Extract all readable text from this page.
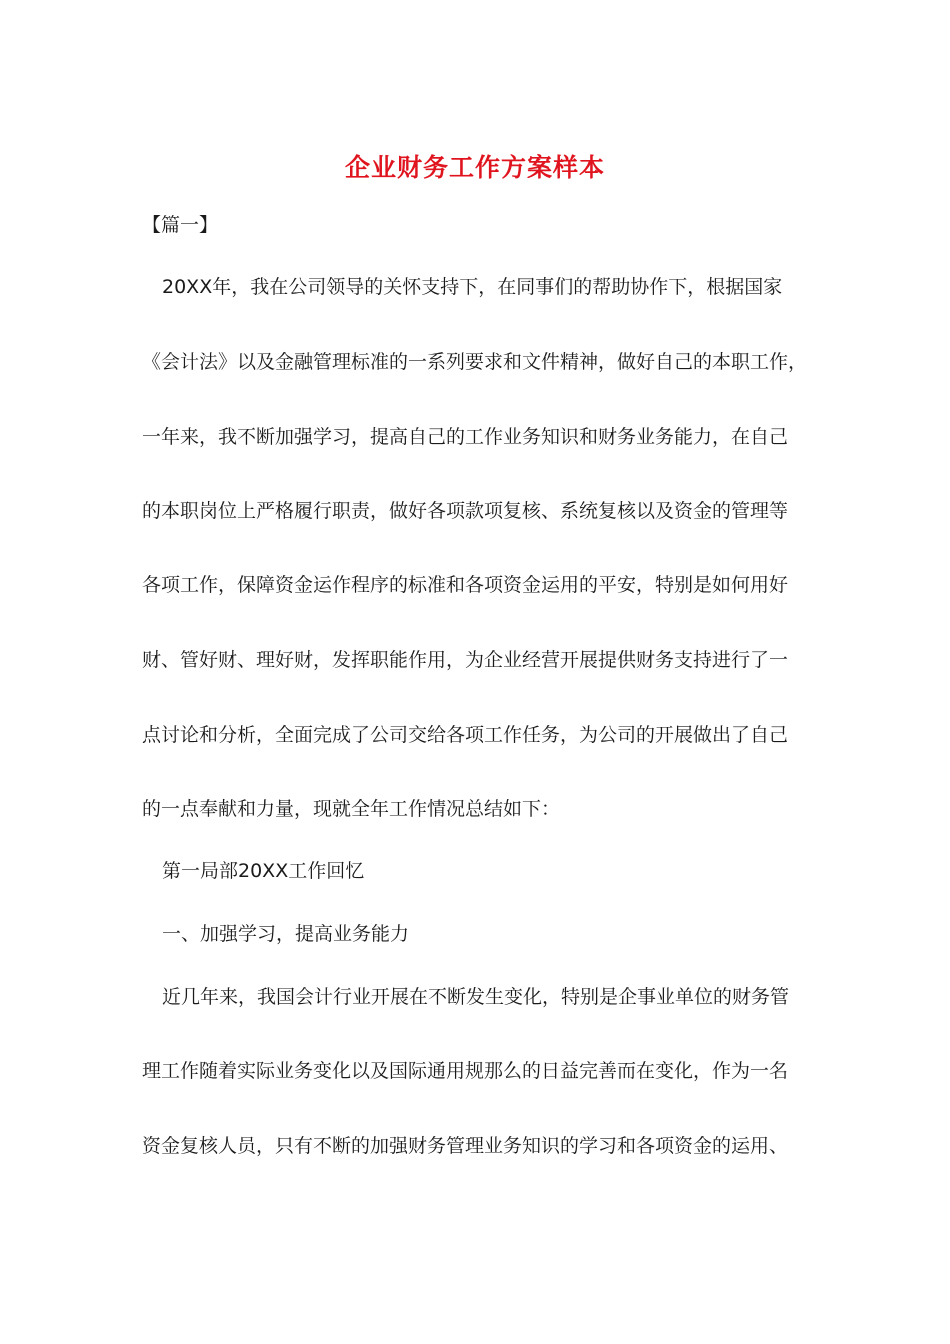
企业财务工作方案样本
【篇一】
20XX年，我在公司领导的关怀支持下，在同事们的帮助协作下，根据国家
《会计法》以及金融管理标准的一系列要求和文件精神，做好自己的本职工作，
一年来，我不断加强学习，提高自己的工作业务知识和财务业务能力，在自己
的本职岗位上严格履行职责，做好各项款项复核、系统复核以及资金的管理等
各项工作，保障资金运作程序的标准和各项资金运用的平安，特别是如何用好
财、管好财、理好财，发挥职能作用，为企业经营开展提供财务支持进行了一
点讨论和分析，全面完成了公司交给各项工作任务，为公司的开展做出了自己
的一点奉献和力量，现就全年工作情况总结如下：
第一局部20XX工作回忆
一、加强学习，提高业务能力
近几年来，我国会计行业开展在不断发生变化，特别是企事业单位的财务管
理工作随着实际业务变化以及国际通用规那么的日益完善而在变化，作为一名
资金复核人员，只有不断的加强财务管理业务知识的学习和各项资金的运用、
